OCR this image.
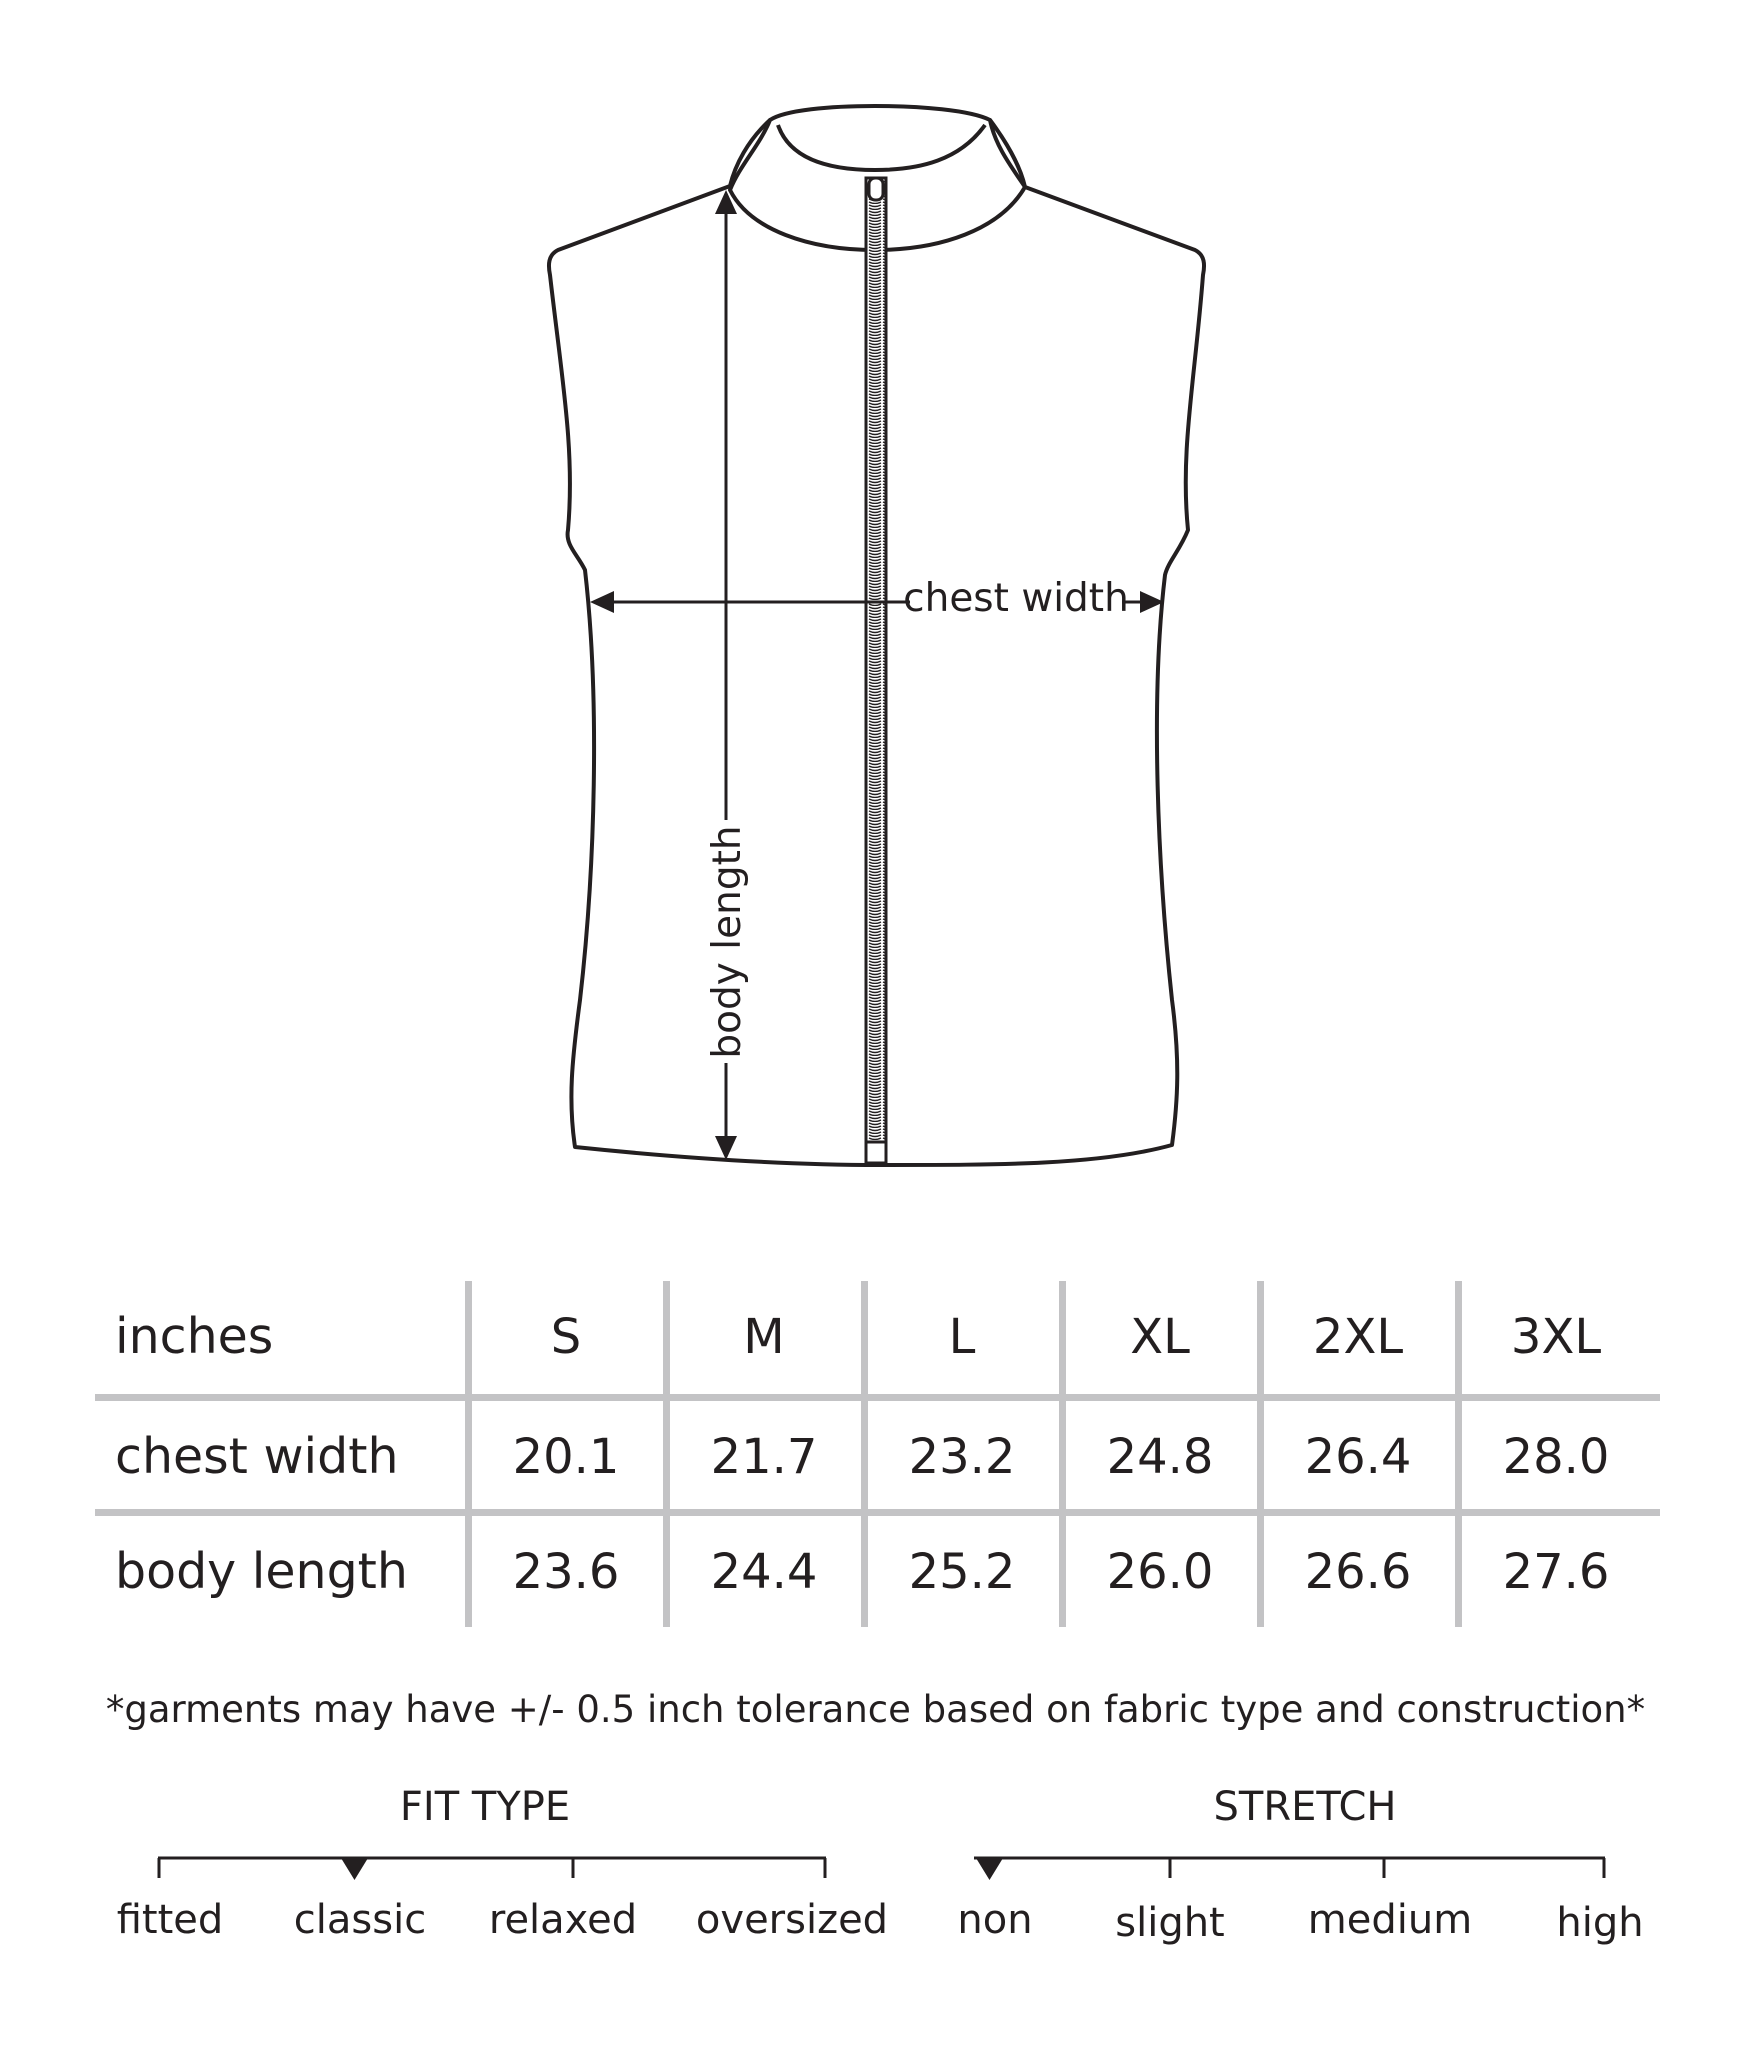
chest width
body length
inches	S	M	L	XL	2XL	3XL
chest width	20.1	21.7	23.2	24.8	26.4	28.0
body length	23.6	24.4	25.2	26.0	26.6	27.6
*garments may have +/- 0.5 inch tolerance based on fabric type and construction*
FIT TYPE
fitted	classic	relaxed oversized
STRETCH
non	slight	medium	high
